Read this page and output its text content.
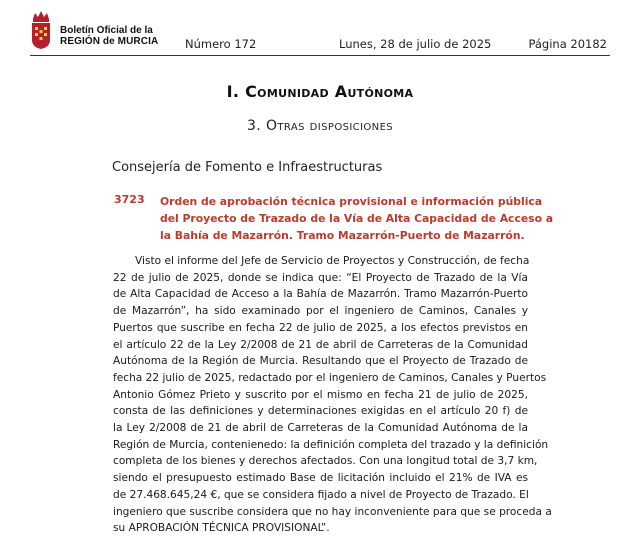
Boletín Oficial de la
REGIÓN de MURCIA Número 172	Lunes, 28 de julio de 2025	Página 20182
I. Comunidad Autónoma
3. Otras disposiciones
Consejería de Fomento e Infraestructuras
3723 Orden de aprobación técnica provisional e información pública
del Proyecto de Trazado de la Vía de Alta Capacidad de Acceso a
la Bahía de Mazarrón. Tramo Mazarrón-Puerto de Mazarrón.
Visto el informe del Jefe de Servicio de Proyectos y Construcción, de fecha
22 de julio de 2025, donde se indica que: “El Proyecto de Trazado de la Vía
de Alta Capacidad de Acceso a la Bahía de Mazarrón. Tramo Mazarrón-Puerto
de Mazarrón”, ha sido examinado por el ingeniero de Caminos, Canales y
Puertos que suscribe en fecha 22 de julio de 2025, a los efectos previstos en
el artículo 22 de la Ley 2/2008 de 21 de abril de Carreteras de la Comunidad
Autónoma de la Región de Murcia. Resultando que el Proyecto de Trazado de
fecha 22 julio de 2025, redactado por el ingeniero de Caminos, Canales y Puertos
Antonio Gómez Prieto y suscrito por el mismo en fecha 21 de julio de 2025,
consta de las definiciones y determinaciones exigidas en el artículo 20 f) de
la Ley 2/2008 de 21 de abril de Carreteras de la Comunidad Autónoma de la
Región de Murcia, contenienedo: la definición completa del trazado y la definición
completa de los bienes y derechos afectados. Con una longitud total de 3,7 km,
siendo el presupuesto estimado Base de licitación incluido el 21% de IVA es
de 27.468.645,24 €, que se considera fijado a nivel de Proyecto de Trazado. El
ingeniero que suscribe considera que no hay inconveniente para que se proceda a
su APROBACIÓN TÉCNICA PROVISIONAL”.
